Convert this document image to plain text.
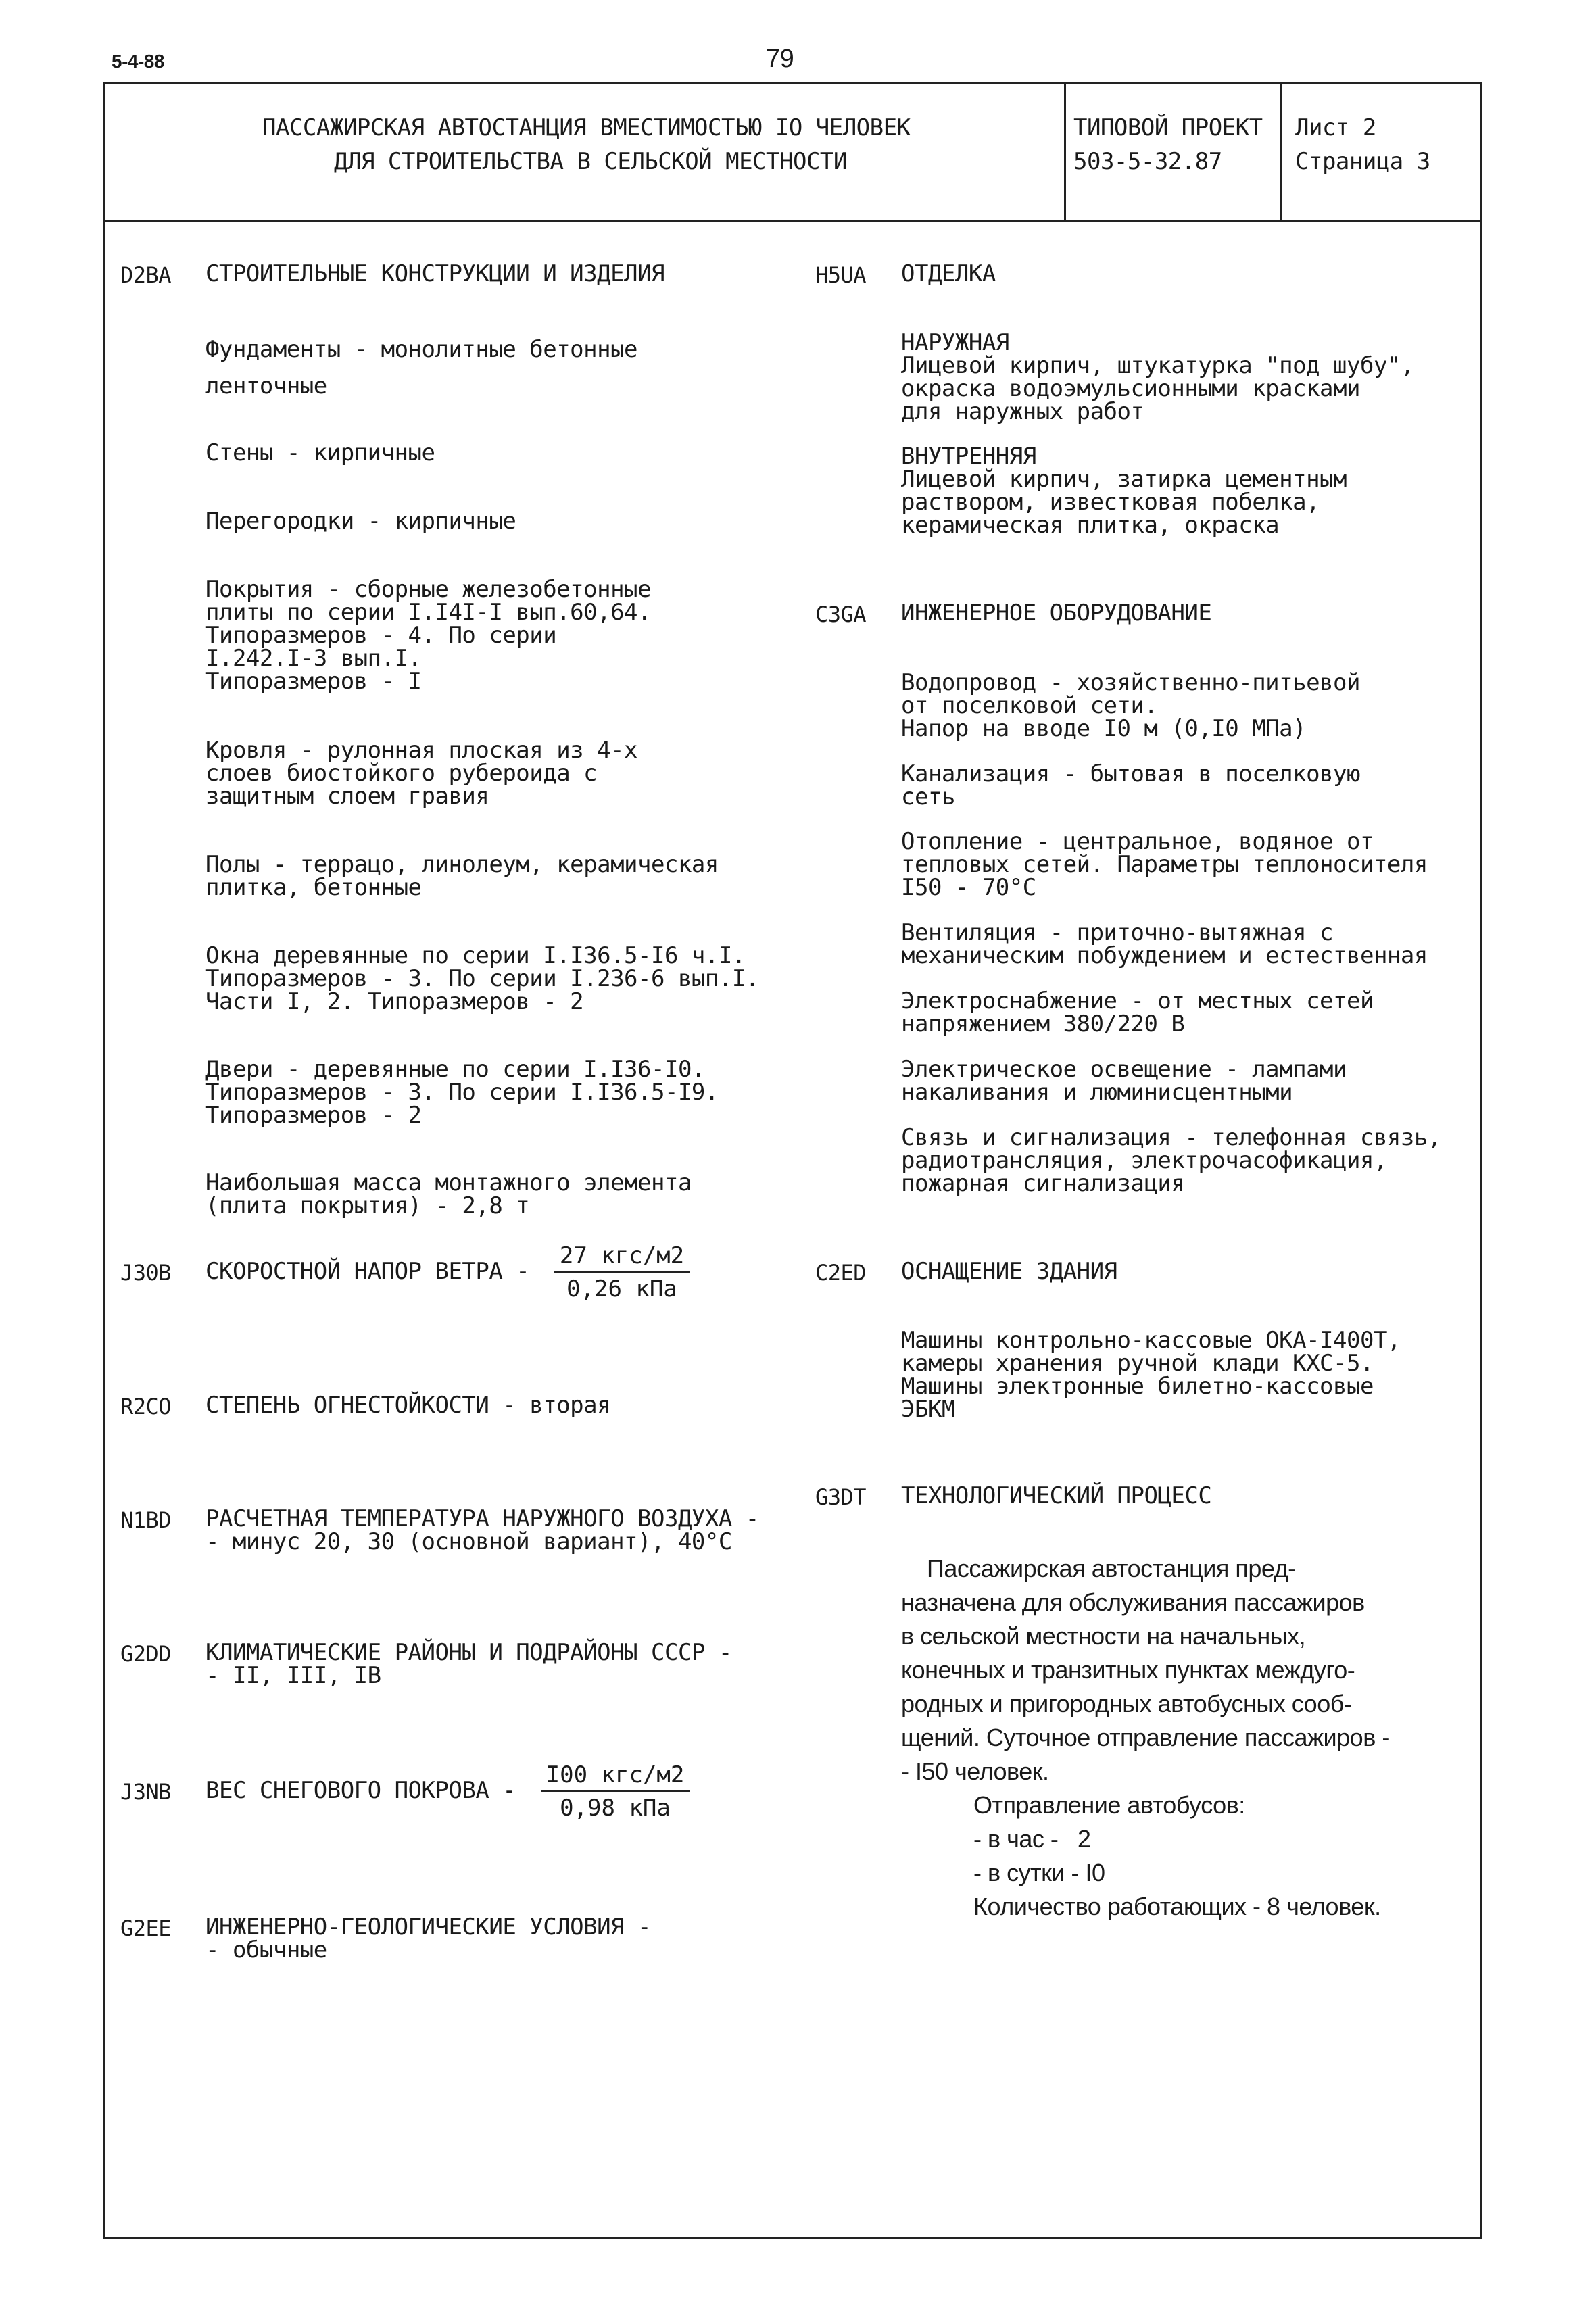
5-4-88	79
ПАССАЖИРСКАЯ АВТОСТАНЦИЯ ВМЕСТИМОСТЬЮ IO ЧЕЛОВЕК
ДЛЯ СТРОИТЕЛЬСТВА В СЕЛЬСКОЙ МЕСТНОСТИ
ТИПОВОЙ ПРОЕКТ
503-5-32.87
Лист 2
Страница 3
D2BA СТРОИТЕЛЬНЫЕ КОНСТРУКЦИИ И ИЗДЕЛИЯ
Фундаменты - монолитные бетонные
ленточные
Стены - кирпичные
Перегородки - кирпичные
Покрытия - сборные железобетонные
плиты по серии I.I4I-I вып.60,64.
Типоразмеров - 4. По серии
I.242.I-3 вып.I.
Типоразмеров - I
Кровля - рулонная плоская из 4-х
слоев биостойкого рубероида с
защитным слоем гравия
Полы - террацо, линолеум, керамическая
плитка, бетонные
Окна деревянные по серии I.I36.5-I6 ч.I.
Типоразмеров - 3. По серии I.236-6 вып.I.
Части I, 2. Типоразмеров - 2
Двери - деревянные по серии I.I36-I0.
Типоразмеров - 3. По серии I.I36.5-I9.
Типоразмеров - 2
Наибольшая масса монтажного элемента
(плита покрытия) - 2,8 т
J30B СКОРОСТНОЙ НАПОР ВЕТРА -
27 кгс/м2
0,26 кПа
R2CO СТЕПЕНЬ ОГНЕСТОЙКОСТИ - вторая
N1BD РАСЧЕТНАЯ ТЕМПЕРАТУРА НАРУЖНОГО ВОЗДУХА -
- минус 20, 30 (основной вариант), 40°C
G2DD КЛИМАТИЧЕСКИЕ РАЙОНЫ И ПОДРАЙОНЫ СССР -
- II, III, IB
J3NB ВЕС СНЕГОВОГО ПОКРОВА -
I00 кгс/м2
0,98 кПа
G2EE ИНЖЕНЕРНО-ГЕОЛОГИЧЕСКИЕ УСЛОВИЯ -
- обычные
H5UA ОТДЕЛКА
НАРУЖНАЯ
Лицевой кирпич, штукатурка "под шубу",
окраска водоэмульсионными красками
для наружных работ
ВНУТРЕННЯЯ
Лицевой кирпич, затирка цементным
раствором, известковая побелка,
керамическая плитка, окраска
C3GA ИНЖЕНЕРНОЕ ОБОРУДОВАНИЕ
Водопровод - хозяйственно-питьевой
от поселковой сети.
Напор на вводе I0 м (0,I0 МПа)
Канализация - бытовая в поселковую
сеть
Отопление - центральное, водяное от
тепловых сетей. Параметры теплоносителя
I50 - 70°C
Вентиляция - приточно-вытяжная с
механическим побуждением и естественная
Электроснабжение - от местных сетей
напряжением 380/220 В
Электрическое освещение - лампами
накаливания и люминисцентными
Связь и сигнализация - телефонная связь,
радиотрансляция, электрочасофикация,
пожарная сигнализация
C2ED ОСНАЩЕНИЕ ЗДАНИЯ
Машины контрольно-кассовые ОКА-I400Т,
камеры хранения ручной клади КХС-5.
Машины электронные билетно-кассовые
ЭБКМ
G3DT ТЕХНОЛОГИЧЕСКИЙ ПРОЦЕСС
Пассажирская автостанция пред-
назначена для обслуживания пассажиров
в сельской местности на начальных,
конечных и транзитных пунктах междуго-
родных и пригородных автобусных сооб-
щений. Суточное отправление пассажиров -
- I50 человек.
Отправление автобусов:
- в час -   2
- в сутки - I0
Количество работающих - 8 человек.
